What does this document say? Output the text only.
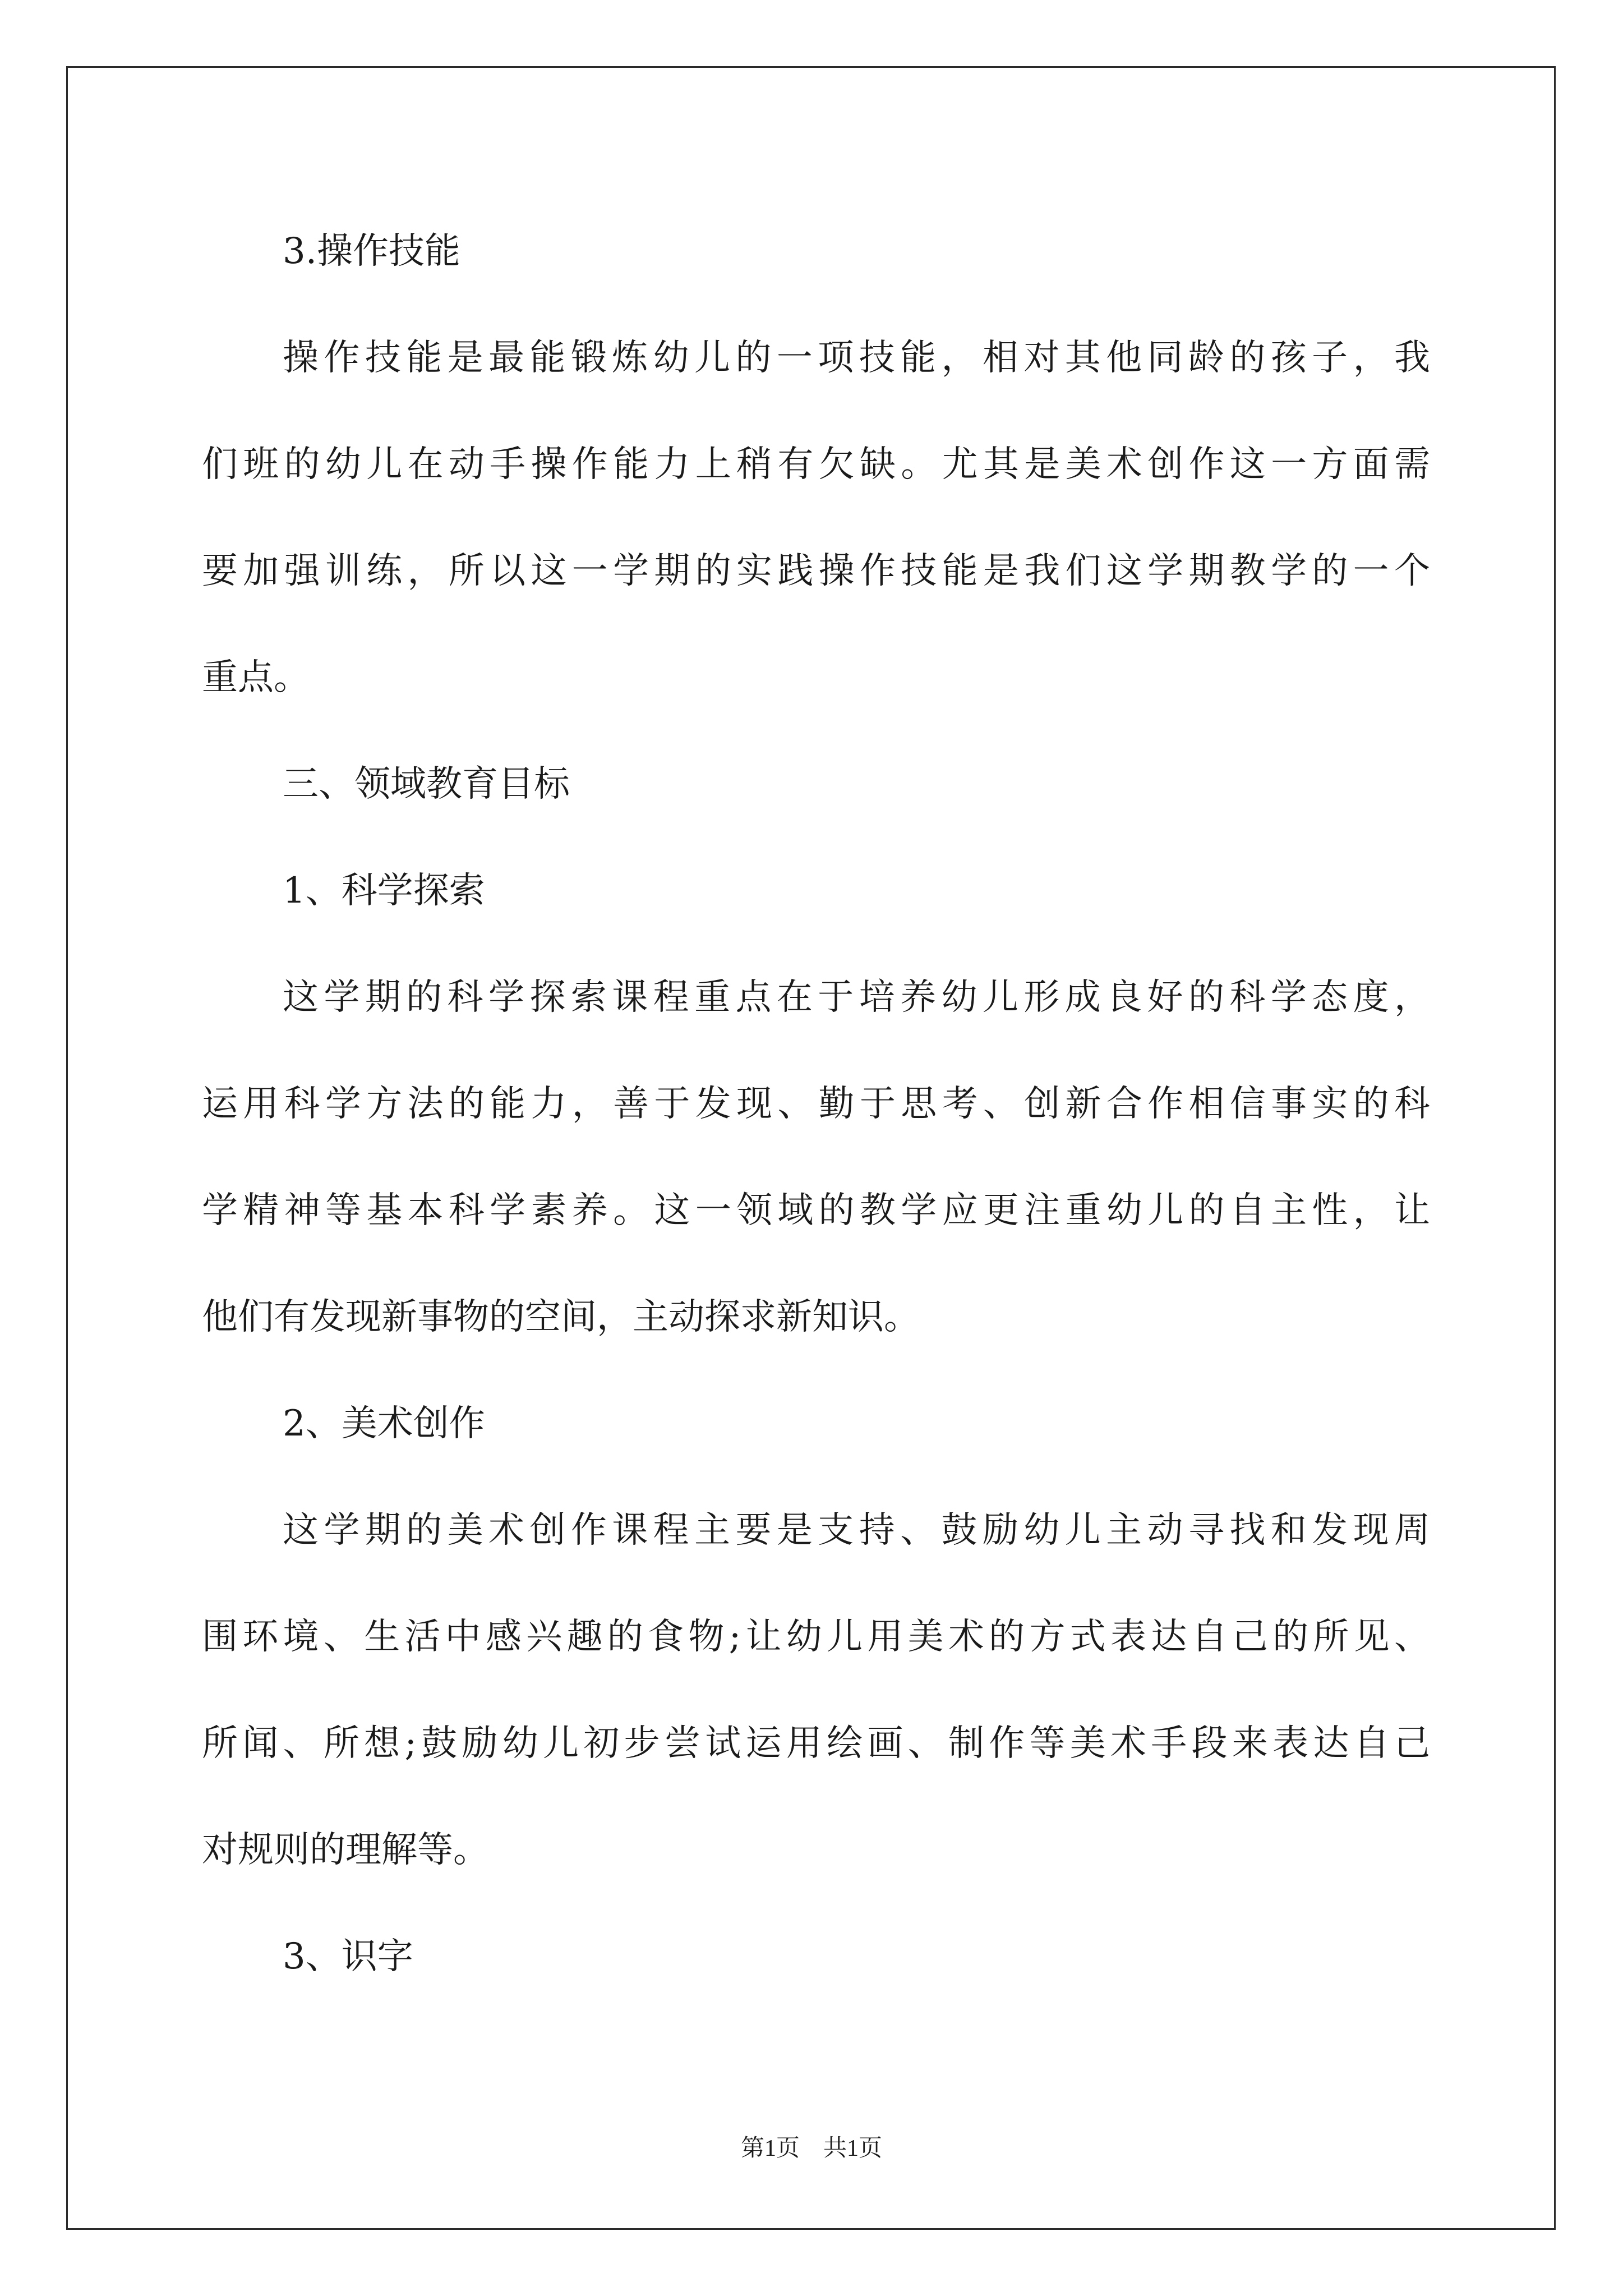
3.操作技能
操作技能是最能锻炼幼儿的一项技能，相对其他同龄的孩子，我
们班的幼儿在动手操作能力上稍有欠缺。尤其是美术创作这一方面需
要加强训练，所以这一学期的实践操作技能是我们这学期教学的一个
重点。
三、领域教育目标
1、科学探索
这学期的科学探索课程重点在于培养幼儿形成良好的科学态度，
运用科学方法的能力，善于发现、勤于思考、创新合作相信事实的科
学精神等基本科学素养。这一领域的教学应更注重幼儿的自主性，让
他们有发现新事物的空间，主动探求新知识。
2、美术创作
这学期的美术创作课程主要是支持、鼓励幼儿主动寻找和发现周
围环境、生活中感兴趣的食物;让幼儿用美术的方式表达自己的所见、
所闻、所想;鼓励幼儿初步尝试运用绘画、制作等美术手段来表达自己
对规则的理解等。
3、识字
第1页　共1页
